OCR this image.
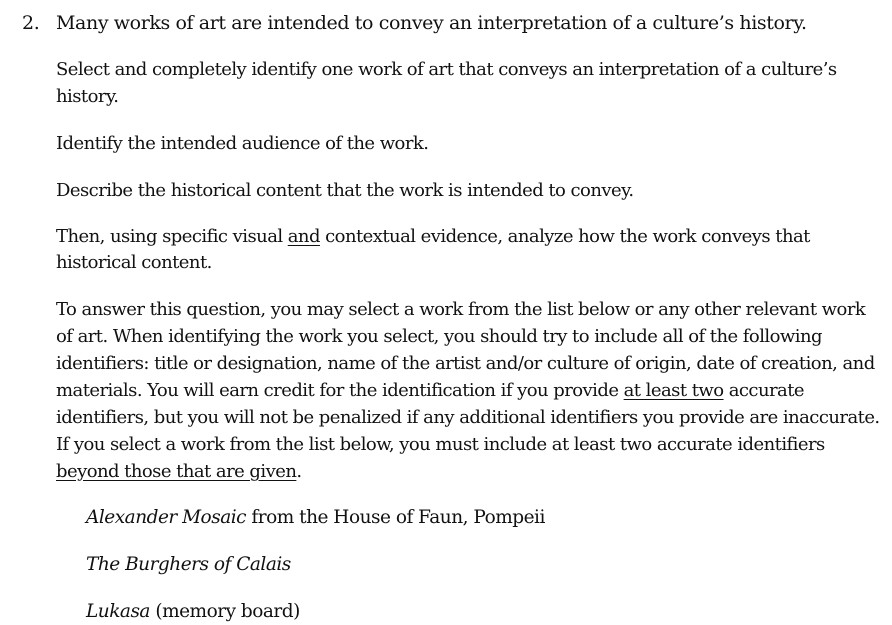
2. Many works of art are intended to convey an interpretation of a culture’s history.

Select and completely identify one work of art that conveys an interpretation of a culture’s history.

Identify the intended audience of the work.

Describe the historical content that the work is intended to convey.

Then, using specific visual and contextual evidence, analyze how the work conveys that historical content.

To answer this question, you may select a work from the list below or any other relevant work of art. When identifying the work you select, you should try to include all of the following identifiers: title or designation, name of the artist and/or culture of origin, date of creation, and materials. You will earn credit for the identification if you provide at least two accurate identifiers, but you will not be penalized if any additional identifiers you provide are inaccurate. If you select a work from the list below, you must include at least two accurate identifiers beyond those that are given.

Alexander Mosaic from the House of Faun, Pompeii

The Burghers of Calais

Lukasa (memory board)
